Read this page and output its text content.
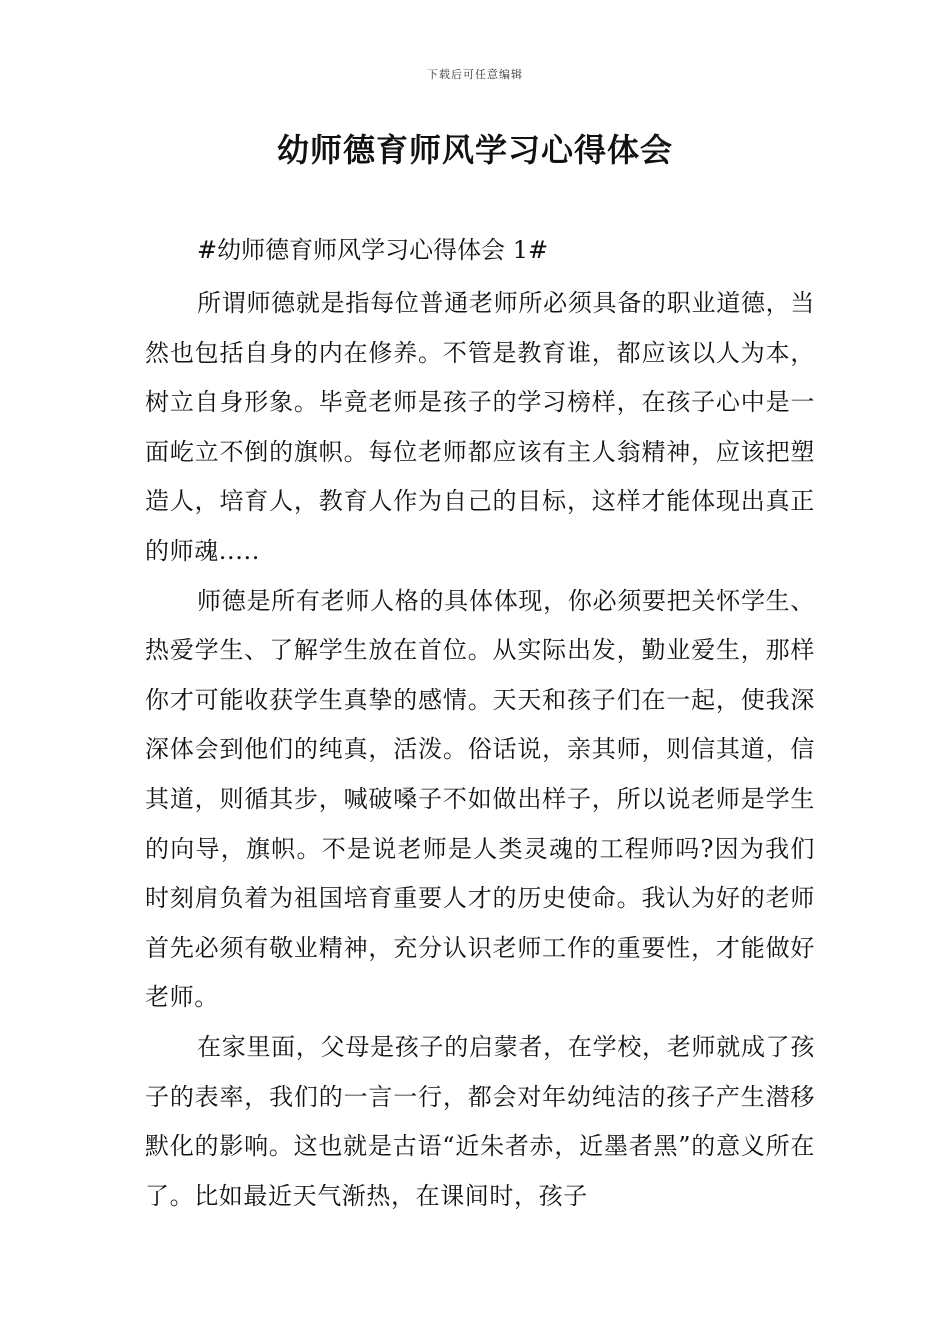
下载后可任意编辑
幼师德育师风学习心得体会

#幼师德育师风学习心得体会 1#

所谓师德就是指每位普通老师所必须具备的职业道德，当然也包括自身的内在修养。不管是教育谁，都应该以人为本，树立自身形象。毕竟老师是孩子的学习榜样，在孩子心中是一面屹立不倒的旗帜。每位老师都应该有主人翁精神，应该把塑造人，培育人，教育人作为自己的目标，这样才能体现出真正的师魂.....

师德是所有老师人格的具体体现，你必须要把关怀学生、热爱学生、了解学生放在首位。从实际出发，勤业爱生，那样你才可能收获学生真挚的感情。天天和孩子们在一起，使我深深体会到他们的纯真，活泼。俗话说，亲其师，则信其道，信其道，则循其步，喊破嗓子不如做出样子，所以说老师是学生的向导，旗帜。不是说老师是人类灵魂的工程师吗?因为我们时刻肩负着为祖国培育重要人才的历史使命。我认为好的老师首先必须有敬业精神，充分认识老师工作的重要性，才能做好老师。

在家里面，父母是孩子的启蒙者，在学校，老师就成了孩子的表率，我们的一言一行，都会对年幼纯洁的孩子产生潜移默化的影响。这也就是古语“近朱者赤，近墨者黑”的意义所在了。比如最近天气渐热，在课间时，孩子
